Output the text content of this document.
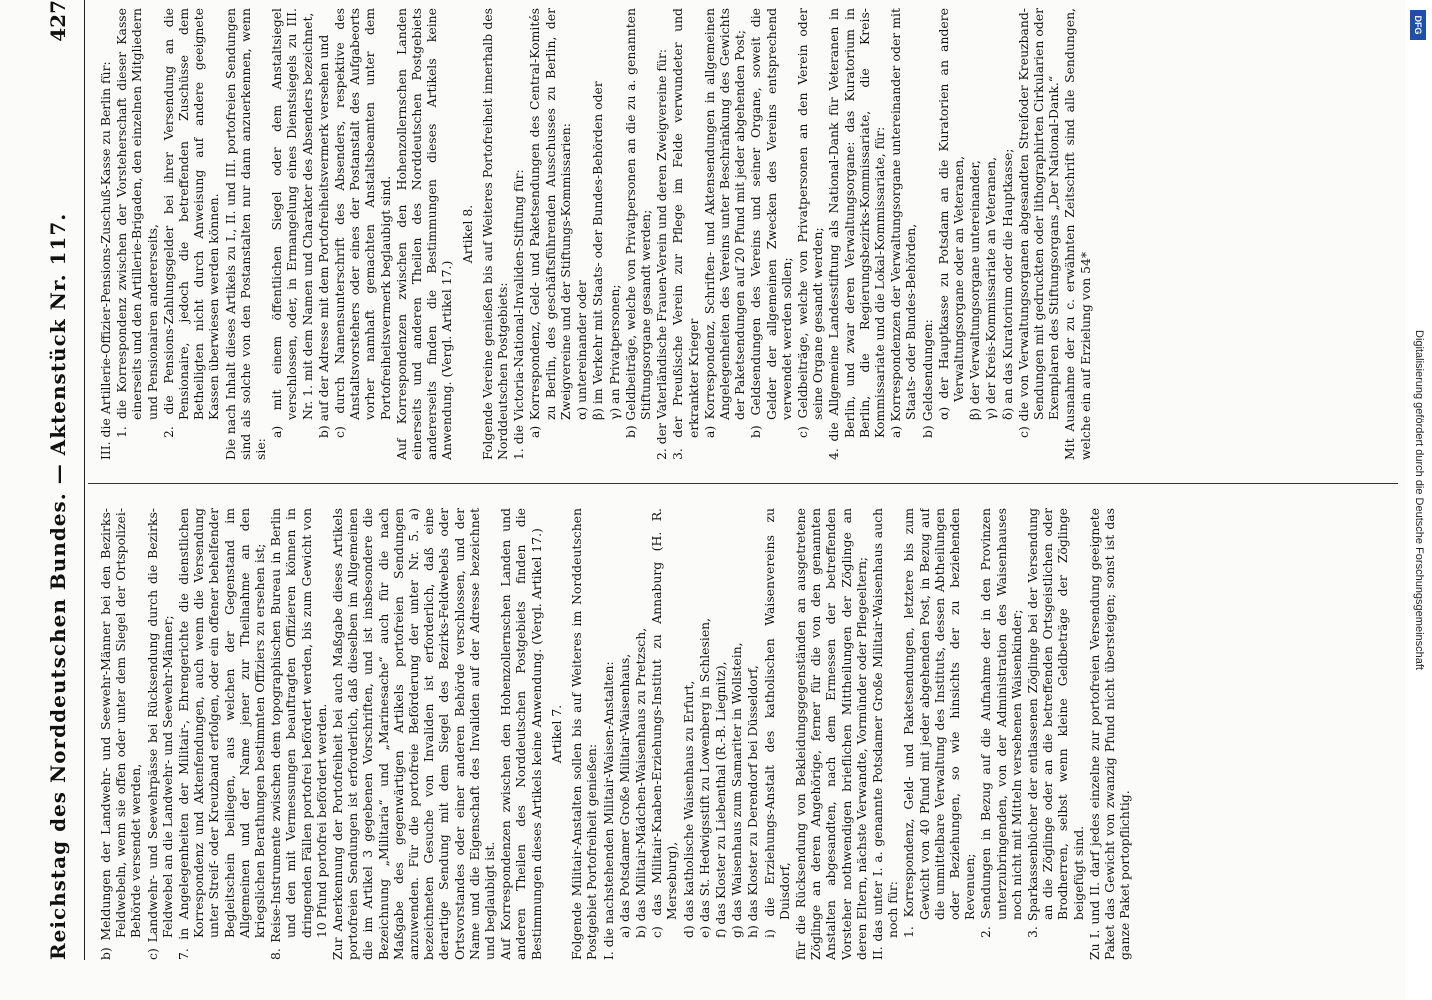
Reichstag des Norddeutschen Bundes. — Aktenstück Nr. 117.
427

b) Meldungen der Landwehr- und Seewehr-Männer bei den Bezirks-Feldwebeln, wenn sie offen oder unter dem Siegel der Ortspolizei-Behörde versendet werden, c) Landwehr- und Seewehrpässe bei Rücksendung durch die Bezirks-Feldwebel an die Landwehr- und Seewehr-Männer; 7. in Angelegenheiten der Militair-, Ehrengerichte die dienstlichen Korrespondenz und Aktenfendungen, auch wenn die Versendung unter Streif- oder Kreuzband erfolgen, oder ein offener behelfender Begleitschein beiliegen, aus welchen der Gegenstand im Allgemeinen und der Name jener zur Theilnahme an den kriegslichen Berathungen bestimmten Offiziers zu ersehen ist; 8. Reise-Instrumente zwischen dem topographischen Bureau in Berlin und den mit Vermessungen beauftragten Offizieren können in dringenden Fällen portofrei befördert werden, bis zum Gewicht von 10 Pfund portofrei befördert werden. Zur Anerkennung der Portofreiheit bei auch Maßgabe dieses Artikels portofreien Sendungen ist erforderlich, daß dieselben im Allgemeinen die im Artikel 3 gegebenen Vorschriften, und ist insbesondere die Bezeichnung „Militaria“ und „Marinesache“ auch für die nach Maßgabe des gegenwärtigen Artikels portofreien Sendungen anzuwenden. Für die portofreie Beförderung der unter Nr. 5. a) bezeichneten Gesuche von Invaliden ist erforderlich, daß eine derartige Sendung mit dem Siegel des Bezirks-Feldwebels oder Ortsvorstandes oder einer anderen Behörde verschlossen, und der Name und die Eigenschaft des Invaliden auf der Adresse bezeichnet und beglaubigt ist. Auf Korrespondenzen zwischen den Hohenzollernschen Landen und anderen Theilen des Norddeutschen Postgebiets finden die Bestimmungen dieses Artikels keine Anwendung. (Vergl. Artikel 17.) Artikel 7. Folgende Militair-Anstalten sollen bis auf Weiteres im Norddeutschen Postgebiet Portofreiheit genießen: I. die nachstehenden Militair-Waisen-Anstalten: a) das Potsdamer Große Militair-Waisenhaus, b) das Militair-Mädchen-Waisenhaus zu Pretzsch, c) das Militair-Knaben-Erziehungs-Institut zu Annaburg (H. R. Merseburg), d) das katholische Waisenhaus zu Erfurt, e) das St. Hedwigsstift zu Lowenberg in Schlesien, f) das Kloster zu Liebenthal (R.-B. Liegnitz), g) das Waisenhaus zum Samariter in Wollstein, h) das Kloster zu Derendorf bei Düsseldorf, i) die Erziehungs-Anstalt des katholischen Waisenvereins zu Duisdorf, für die Rücksendung von Bekleidungsgegenständen an ausgetretene Zöglinge an deren Angehörige, ferner für die von den genannten Anstalten abgesandten, nach dem Ermessen der betreffenden Vorsteher nothwendigen brieflichen Mittheilungen der Zöglinge an deren Eltern, nächste Verwandte, Vormünder oder Pflegeeltern; II. das unter I. a. genannte Potsdamer Große Militair-Waisenhaus auch noch für: 1. Korrespondenz, Geld- und Paketsendungen, letztere bis zum Gewicht von 40 Pfund mit jeder abgehenden Post, in Bezug auf die unmittelbare Verwaltung des Instituts, dessen Abtheilungen oder Beziehungen, so wie hinsichts der zu beziehenden Revenuen; 2. Sendungen in Bezug auf die Aufnahme der in den Provinzen unterzubringenden, von der Administration des Waisenhauses noch nicht mit Mitteln versehenen Waisenkinder; 3. Sparkassenbücher der entlassenen Zöglinge bei der Versendung an die Zöglinge oder an die betreffenden Ortsgeistlichen oder Brodherren, selbst wenn kleine Geldbeträge der Zöglinge beigefügt sind. Zu I. und II. darf jedes einzelne zur portofreien Versendung geeignete Paket das Gewicht von zwanzig Pfund nicht übersteigen; sonst ist das ganze Paket portopflichtig.

III. die Artillerie-Offizier-Pensions-Zuschuß-Kasse zu Berlin für: 1. die Korrespondenz zwischen der Vorsteherschaft dieser Kasse einerseits und den Artillerie-Brigaden, den einzelnen Mitgliedern und Pensionairen andererseits, 2. die Pensions-Zahlungsgelder bei ihrer Versendung an die Pensionaire, jedoch die betreffenden Zuschüsse dem Betheiligten nicht durch Anweisung auf andere geeignete Kassen überwiesen werden können. Die nach Inhalt dieses Artikels zu I., II. und III. portofreien Sendungen sind als solche von den Postanstalten nur dann anzuerkennen, wenn sie:

a) mit einem öffentlichen Siegel oder dem Anstaltsiegel verschlossen, oder, in Ermangelung eines Dienstsiegels zu III. Nr. 1. mit dem Namen und Charakter des Absenders bezeichnet, b) auf der Adresse mit dem Portofreiheitsvermerk versehen und c) durch Namensunterschrift des Absenders, respektive des Anstaltsvorstehers oder eines der Postanstalt des Aufgabeorts vorher namhaft gemachten Anstaltsbeamten unter dem Portofreiheitsvermerk beglaubigt sind. Auf Korrespondenzen zwischen den Hohenzollernschen Landen einerseits und anderen Theilen des Norddeutschen Postgebiets andererseits finden die Bestimmungen dieses Artikels keine Anwendung. (Vergl. Artikel 17.)

Artikel 8. Folgende Vereine genießen bis auf Weiteres Portofreiheit innerhalb des Norddeutschen Postgebiets: 1. die Victoria-National-Invaliden-Stiftung für: a) Korrespondenz, Geld- und Paketsendungen des Central-Komités zu Berlin, des geschäftsführenden Ausschusses zu Berlin, der Zweigvereine und der Stiftungs-Kommissarien: α) untereinander oder β) im Verkehr mit Staats- oder Bundes-Behörden oder γ) an Privatpersonen; b) Geldbeiträge, welche von Privatpersonen an die zu a. genannten Stiftungsorgane gesandt werden; 2. der Vaterländische Frauen-Verein und deren Zweigvereine für: 3. der Preußische Verein zur Pflege im Felde verwundeter und erkrankter Krieger a) Korrespondenz, Schriften- und Aktensendungen in allgemeinen Angelegenheiten des Vereins unter Beschränkung des Gewichts der Paketsendungen auf 20 Pfund mit jeder abgehenden Post; b) Geldsendungen des Vereins und seiner Organe, soweit die Gelder der allgemeinen Zwecken des Vereins entsprechend verwendet werden sollen; c) Geldbeiträge, welche von Privatpersonen an den Verein oder seine Organe gesandt werden; 4. die Allgemeine Landesstiftung als National-Dank für Veteranen in Berlin, und zwar deren Verwaltungsorgane: das Kuratorium in Berlin, die Regierungsbezirks-Kommissariate, die Kreis-Kommissariate und die Lokal-Kommissariate, für: a) Korrespondenzen der Verwaltungsorgane untereinander oder mit Staats- oder Bundes-Behörden, b) Geldsendungen: α) der Hauptkasse zu Potsdam an die Kuratorien an andere Verwaltungsorgane oder an Veteranen, β) der Verwaltungsorgane untereinander, γ) der Kreis-Kommissariate an Veteranen, δ) an das Kuratorium oder die Hauptkasse; c) die von Verwaltungsorganen abgesandten Streifoder Kreuzband-Sendungen mit gedruckten oder lithographirten Cirkularien oder Exemplaren des Stiftungsorgans „Der National-Dank.“ Mit Ausnahme der zu c. erwähnten Zeitschrift sind alle Sendungen, welche ein auf Erzielung von 54*	Digitalisierung gefördert durch die Deutsche Forschungsgemeinschaft
DFG
